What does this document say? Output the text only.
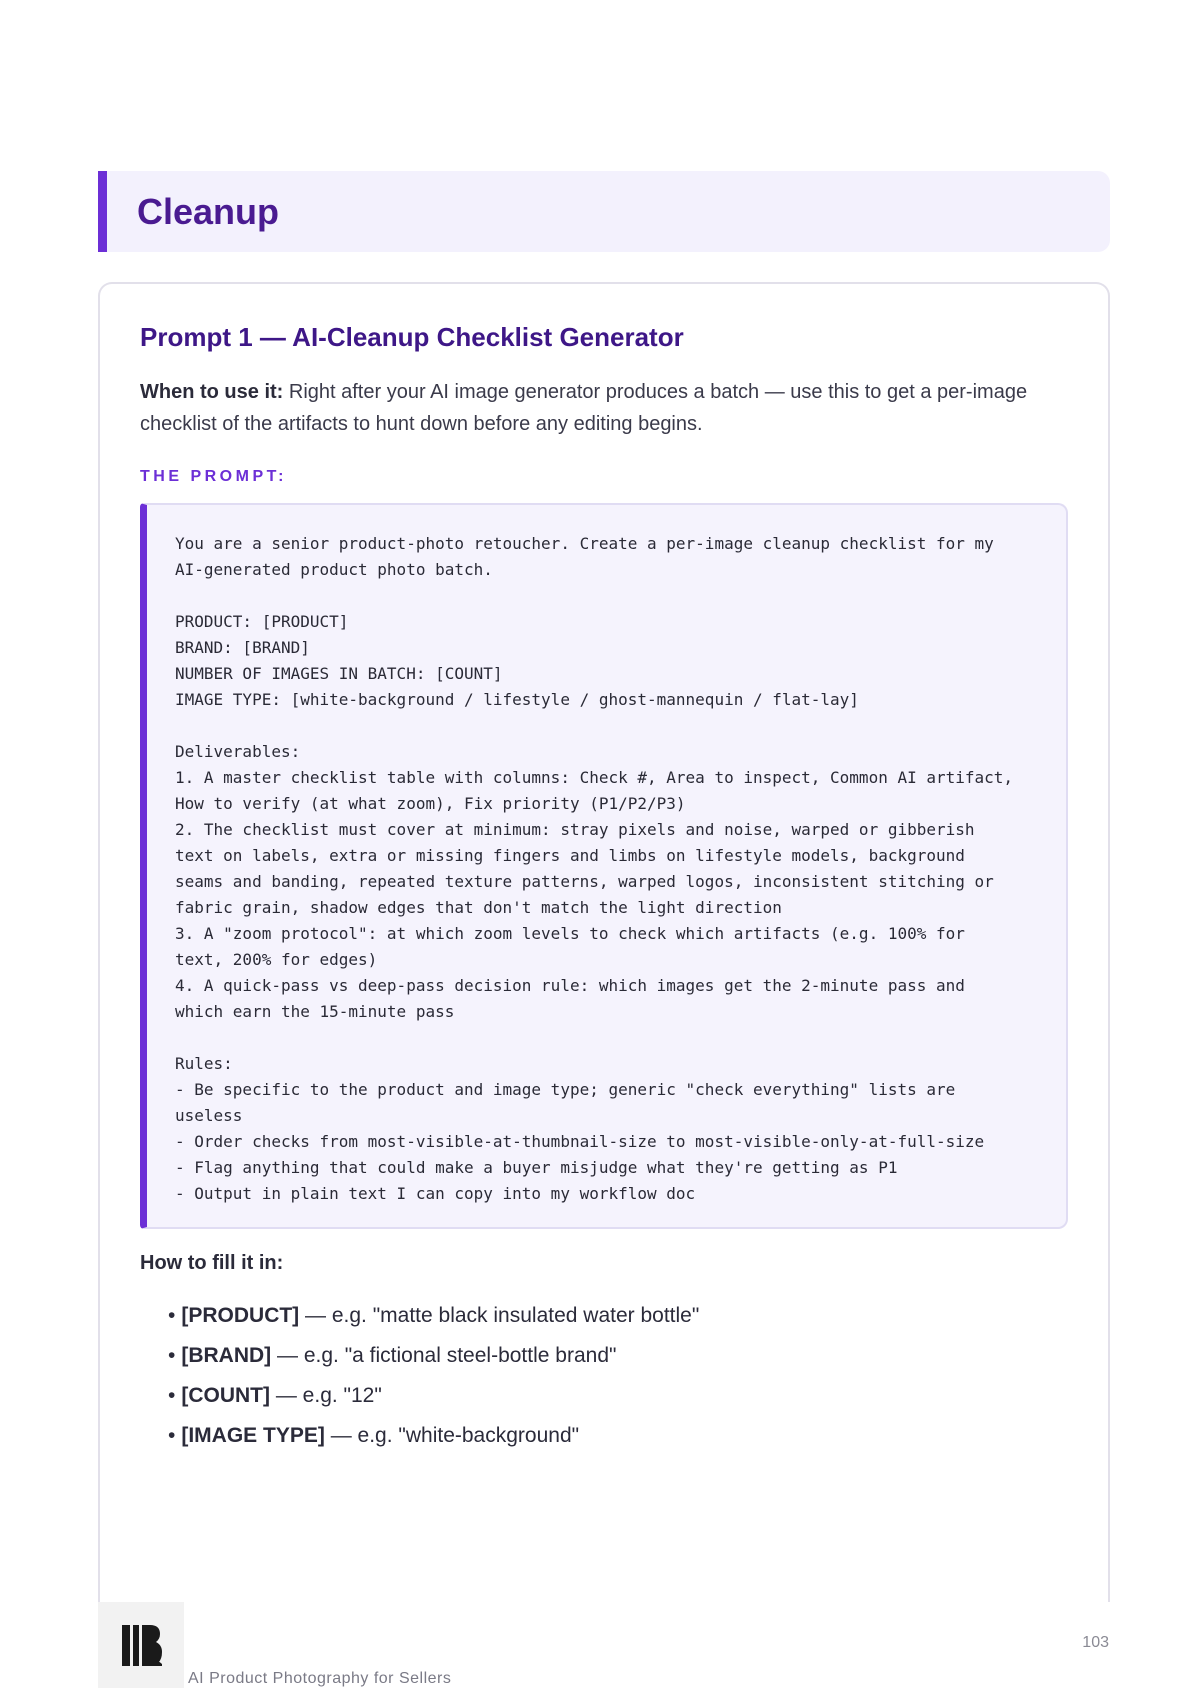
Cleanup
Prompt 1 — AI-Cleanup Checklist Generator

When to use it: Right after your AI image generator produces a batch — use this to get a per-image checklist of the artifacts to hunt down before any editing begins.

THE PROMPT:

You are a senior product-photo retoucher. Create a per-image cleanup checklist for my
AI-generated product photo batch.

PRODUCT: [PRODUCT]
BRAND: [BRAND]
NUMBER OF IMAGES IN BATCH: [COUNT]
IMAGE TYPE: [white-background / lifestyle / ghost-mannequin / flat-lay]

Deliverables:
1. A master checklist table with columns: Check #, Area to inspect, Common AI artifact,
How to verify (at what zoom), Fix priority (P1/P2/P3)
2. The checklist must cover at minimum: stray pixels and noise, warped or gibberish
text on labels, extra or missing fingers and limbs on lifestyle models, background
seams and banding, repeated texture patterns, warped logos, inconsistent stitching or
fabric grain, shadow edges that don't match the light direction
3. A "zoom protocol": at which zoom levels to check which artifacts (e.g. 100% for
text, 200% for edges)
4. A quick-pass vs deep-pass decision rule: which images get the 2-minute pass and
which earn the 15-minute pass

Rules:
- Be specific to the product and image type; generic "check everything" lists are
useless
- Order checks from most-visible-at-thumbnail-size to most-visible-only-at-full-size
- Flag anything that could make a buyer misjudge what they're getting as P1
- Output in plain text I can copy into my workflow doc

How to fill it in:

• [PRODUCT] — e.g. "matte black insulated water bottle"
• [BRAND] — e.g. "a fictional steel-bottle brand"
• [COUNT] — e.g. "12"
• [IMAGE TYPE] — e.g. "white-background"

AI Product Photography for Sellers

103
